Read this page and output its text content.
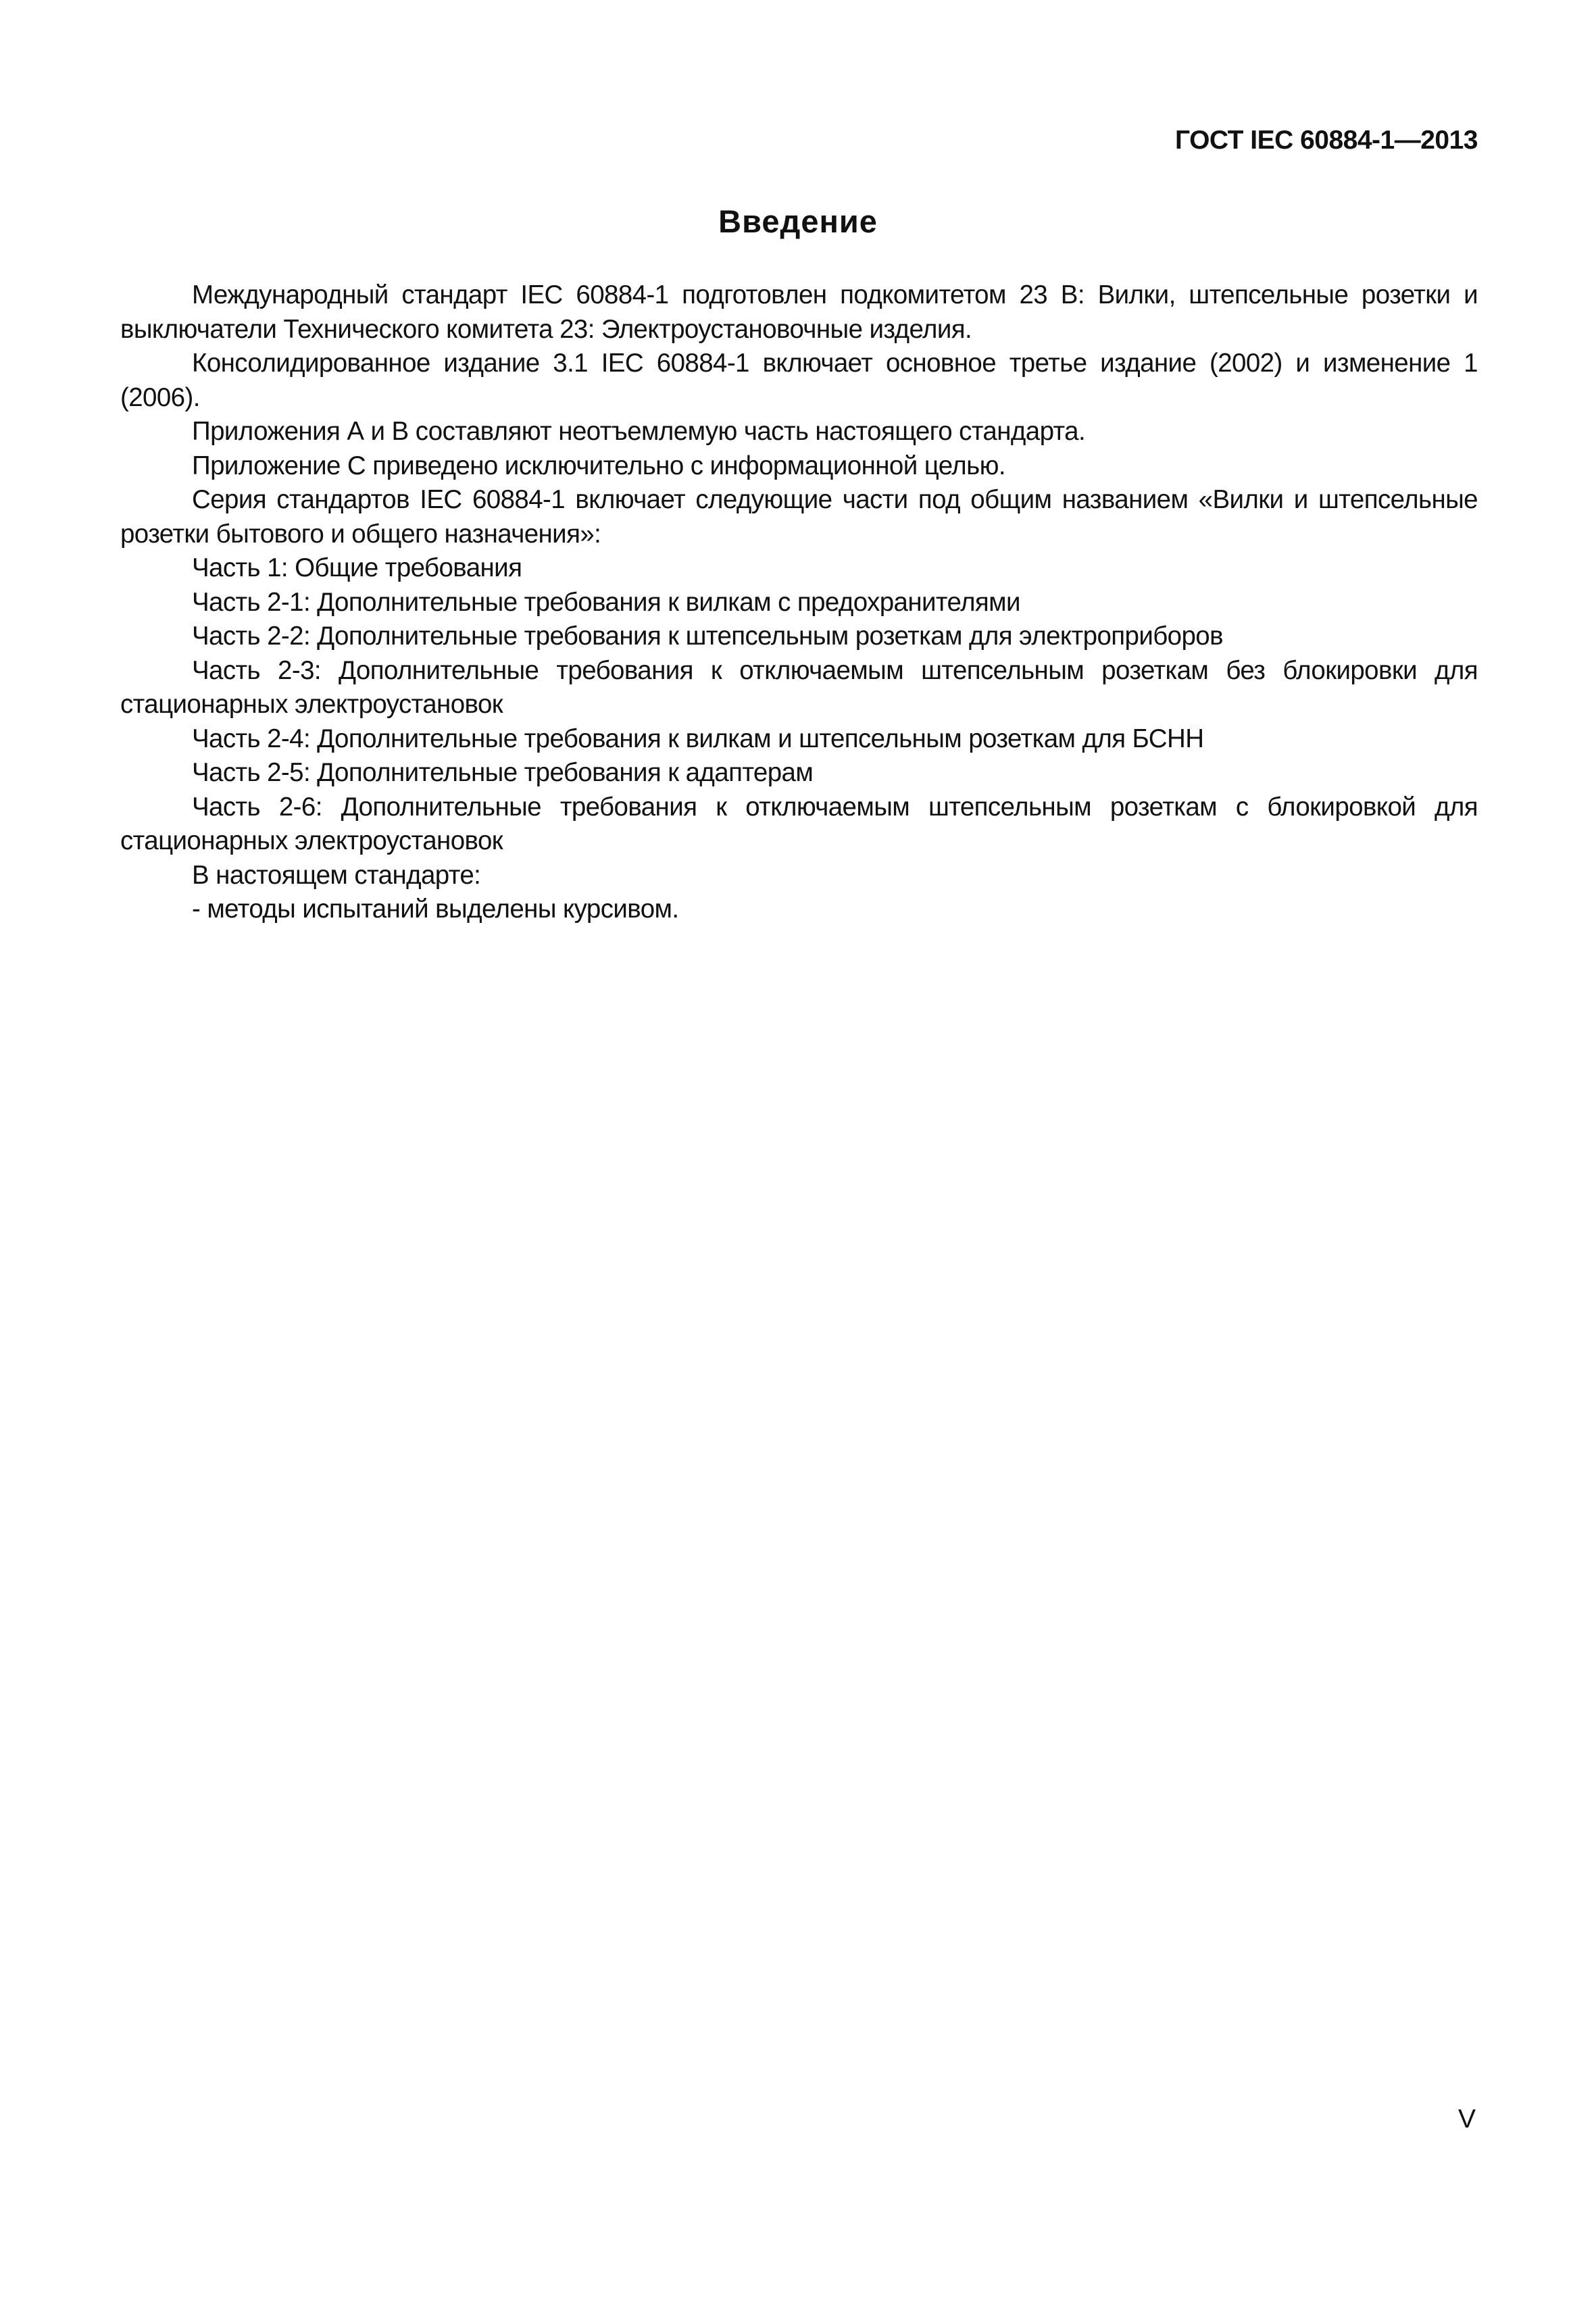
ГОСТ IEC 60884-1—2013
Введение

Международный стандарт IEC 60884-1 подготовлен подкомитетом 23 В: Вилки, штепсельные розетки и выключатели Технического комитета 23: Электроустановочные изделия.

Консолидированное издание 3.1 IEC 60884-1 включает основное третье издание (2002) и изменение 1 (2006).

Приложения А и В составляют неотъемлемую часть настоящего стандарта.

Приложение С приведено исключительно с информационной целью.

Серия стандартов IEC 60884-1 включает следующие части под общим названием «Вилки и штепсельные розетки бытового и общего назначения»:

Часть 1: Общие требования

Часть 2-1: Дополнительные требования к вилкам с предохранителями

Часть 2-2: Дополнительные требования к штепсельным розеткам для электроприборов

Часть 2-3: Дополнительные требования к отключаемым штепсельным розеткам без блокировки для стационарных электроустановок

Часть 2-4: Дополнительные требования к вилкам и штепсельным розеткам для БСНН

Часть 2-5: Дополнительные требования к адаптерам

Часть 2-6: Дополнительные требования к отключаемым штепсельным розеткам с блокировкой для стационарных электроустановок

В настоящем стандарте:

- методы испытаний выделены курсивом.

V
